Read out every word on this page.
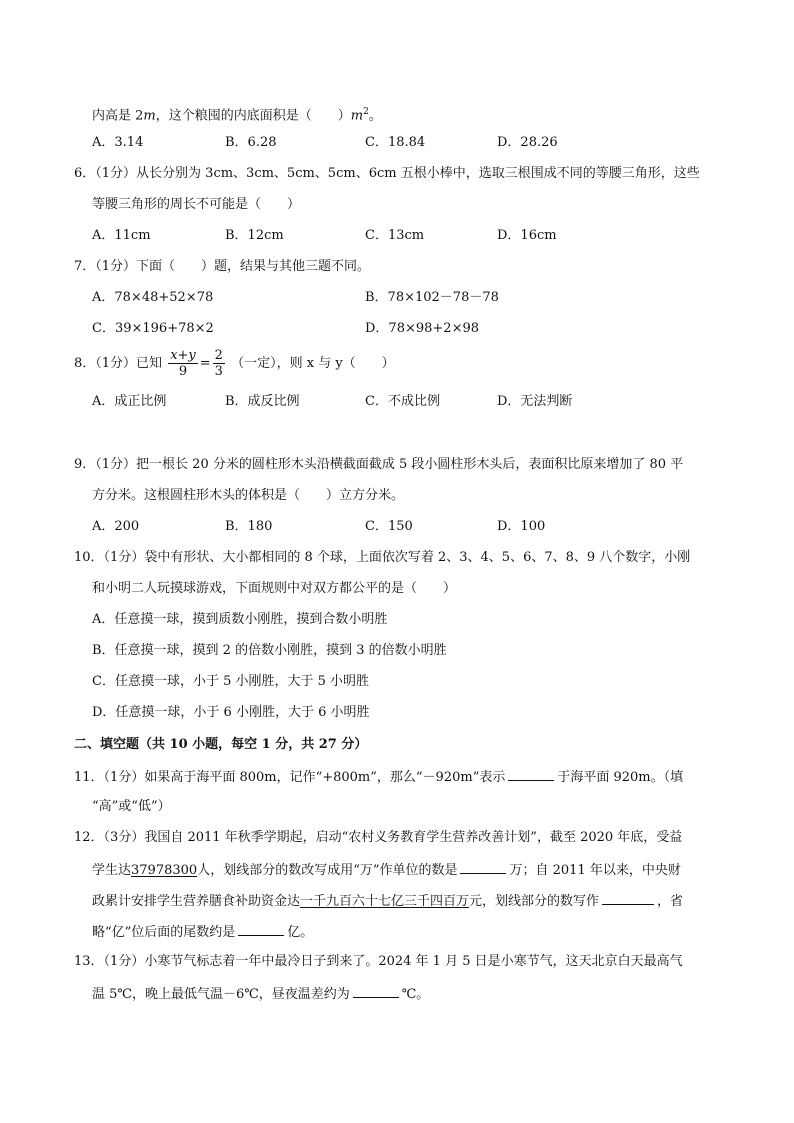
内高是 2m，这个粮囤的内底面积是（　　）$m^2$。
A．3.14	B．6.28	C．18.84	D．28.26
6．（1分）从长分别为 3cm、3cm、5cm、5cm、6cm 五根小棒中，选取三根围成不同的等腰三角形，这些
等腰三角形的周长不可能是（　　）
A．11cm	B．12cm	C．13cm	D．16cm
7．（1分）下面（　　）题，结果与其他三题不同。
A．78×48+52×78	B．78×102－78－78
C．39×196+78×2	D．78×98+2×98
8．（1分）已知 $\frac{x+y}{9} = \frac{2}{3}$ （一定），则 x 与 y（　　）
A．成正比例	B．成反比例	C．不成比例	D．无法判断
9．（1分）把一根长 20 分米的圆柱形木头沿横截面截成 5 段小圆柱形木头后，表面积比原来增加了 80 平
方分米。这根圆柱形木头的体积是（　　）立方分米。
A．200	B．180	C．150	D．100
10．（1分）袋中有形状、大小都相同的 8 个球，上面依次写着 2、3、4、5、6、7、8、9 八个数字，小刚
和小明二人玩摸球游戏，下面规则中对双方都公平的是（　　）
A．任意摸一球，摸到质数小刚胜，摸到合数小明胜
B．任意摸一球，摸到 2 的倍数小刚胜，摸到 3 的倍数小明胜
C．任意摸一球，小于 5 小刚胜，大于 5 小明胜
D．任意摸一球，小于 6 小刚胜，大于 6 小明胜
二、填空题（共 10 小题，每空 1 分，共 27 分）
11．（1分）如果高于海平面 800m，记作“+800m”，那么“－920m”表示	于海平面 920m。（填
“高”或“低”）
12．（3分）我国自 2011 年秋季学期起，启动“农村义务教育学生营养改善计划”，截至 2020 年底，受益
学生达37978300人，划线部分的数改写成用“万”作单位的数是	万；自 2011 年以来，中央财
政累计安排学生营养膳食补助资金达一千九百六十七亿三千四百万元，划线部分的数写作	，省
略“亿”位后面的尾数约是	亿。
13．（1分）小寒节气标志着一年中最冷日子到来了。2024 年 1 月 5 日是小寒节气，这天北京白天最高气
温 5℃，晚上最低气温－6℃，昼夜温差约为	℃。
